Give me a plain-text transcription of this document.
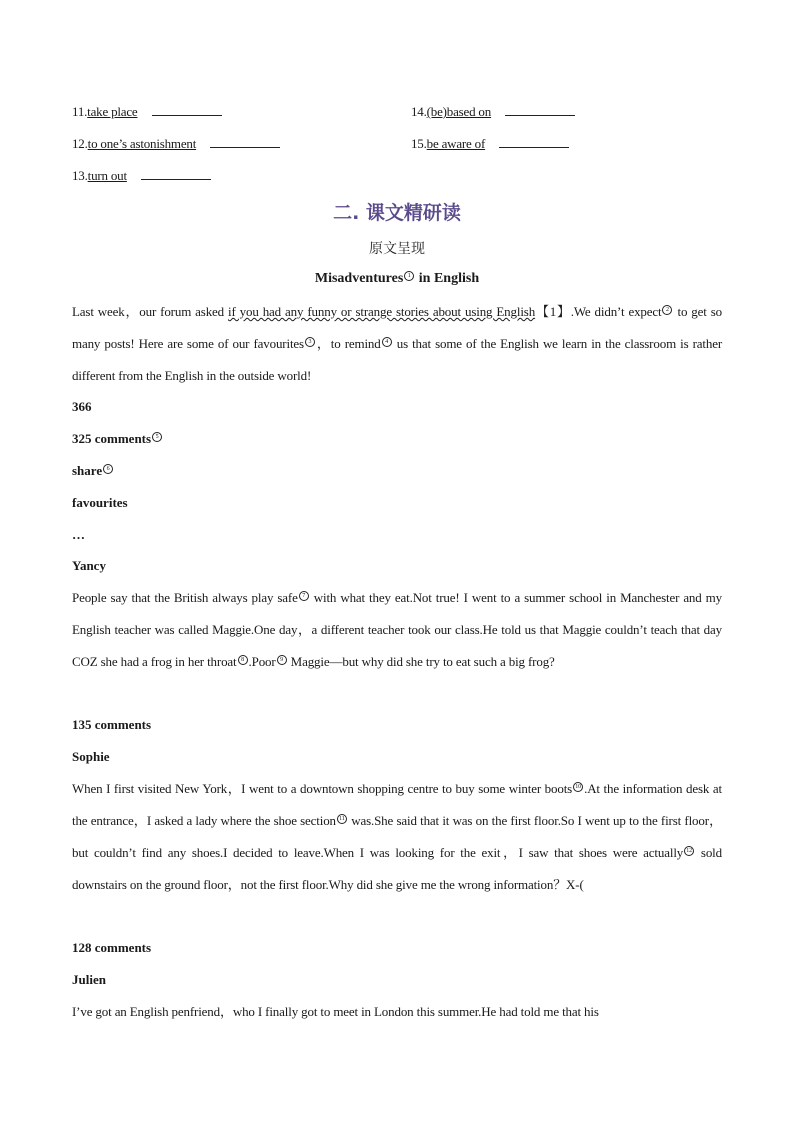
11.take place	14.(be)based on
12.to one’s astonishment	15.be aware of
13.turn out
二. 课文精研读
原文呈现
Misadventures 1 in English
Last week，our forum asked if you had any funny or strange stories about using English【1】.We didn’t expect 2 to get so many posts! Here are some of our favourites 3 ，to remind 4 us that some of the English we learn in the classroom is rather different from the English in the outside world!
366
325 comments 5
share 6
favourites
…
Yancy
People say that the British always play safe 7 with what they eat.Not true! I went to a summer school in Manchester and my English teacher was called Maggie.One day，a different teacher took our class.He told us that Maggie couldn’t teach that day COZ she had a frog in her throat 8 .Poor 9 Maggie—but why did she try to eat such a big frog?
135 comments
Sophie
When I first visited New York，I went to a downtown shopping centre to buy some winter boots 10 .At the information desk at the entrance，I asked a lady where the shoe section 11 was.She said that it was on the first floor.So I went up to the first floor，but couldn’t find any shoes.I decided to leave.When I was looking for the exit，I saw that shoes were actually 12 sold downstairs on the ground floor，not the first floor.Why did she give me the wrong information？X-(
128 comments
Julien
I’ve got an English penfriend，who I finally got to meet in London this summer.He had told me that his
